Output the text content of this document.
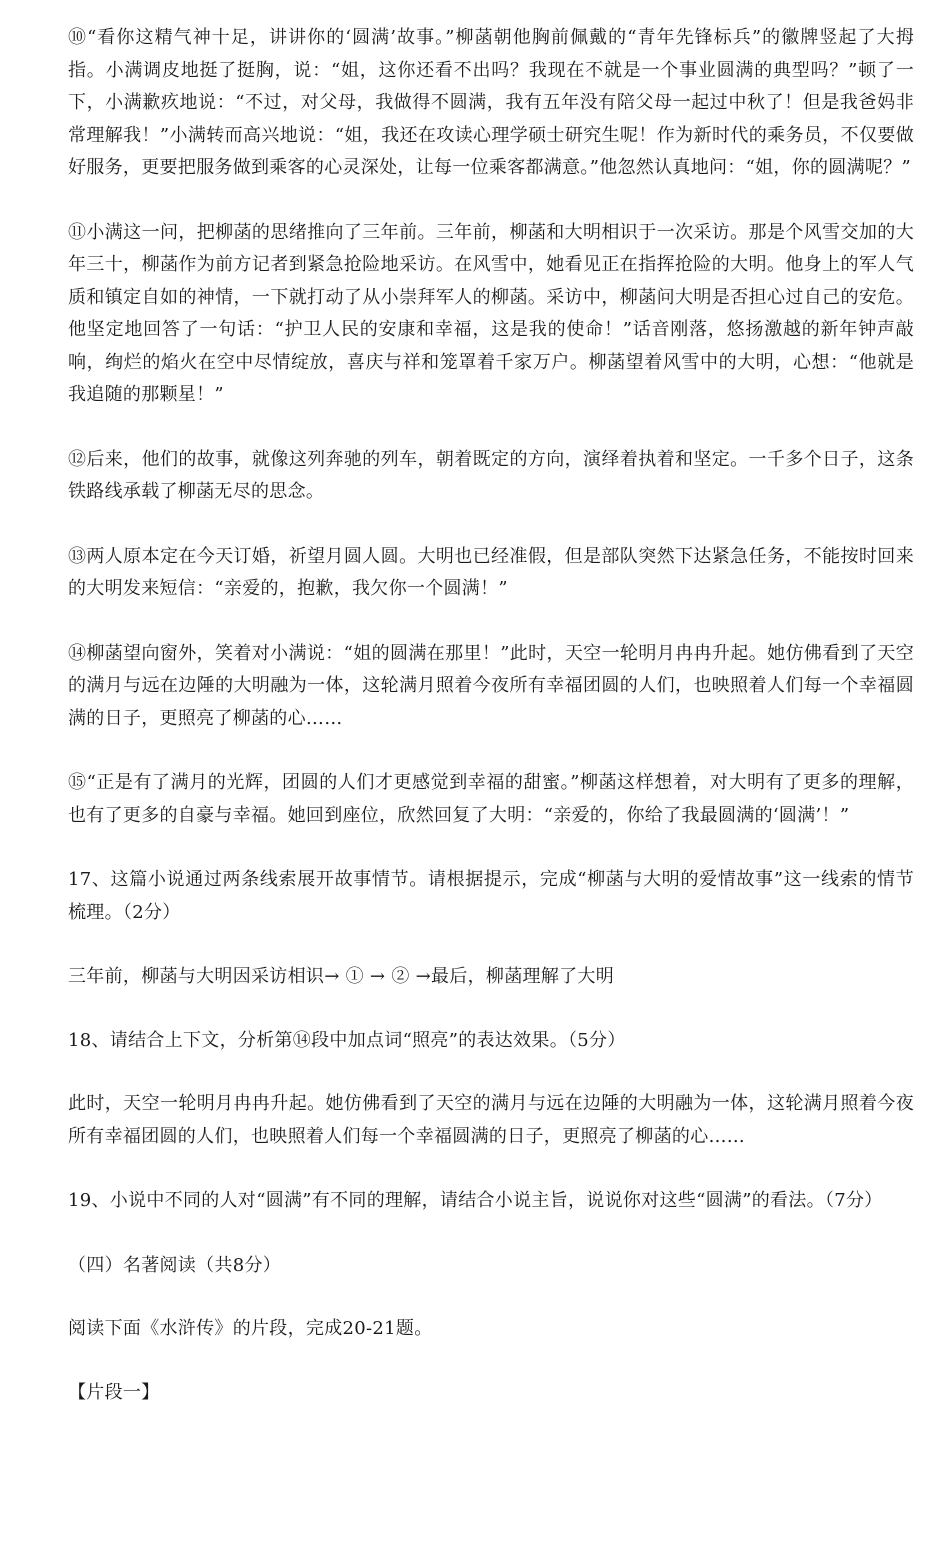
⑩“看你这精气神十足，讲讲你的‘圆满’故事。”柳菡朝他胸前佩戴的“青年先锋标兵”的徽牌竖起了大拇指。小满调皮地挺了挺胸，说：“姐，这你还看不出吗？我现在不就是一个事业圆满的典型吗？”顿了一下，小满歉疚地说：“不过，对父母，我做得不圆满，我有五年没有陪父母一起过中秋了！但是我爸妈非常理解我！”小满转而高兴地说：“姐，我还在攻读心理学硕士研究生呢！作为新时代的乘务员，不仅要做好服务，更要把服务做到乘客的心灵深处，让每一位乘客都满意。”他忽然认真地问：“姐，你的圆满呢？”

⑪小满这一问，把柳菡的思绪推向了三年前。三年前，柳菡和大明相识于一次采访。那是个风雪交加的大年三十，柳菡作为前方记者到紧急抢险地采访。在风雪中，她看见正在指挥抢险的大明。他身上的军人气质和镇定自如的神情，一下就打动了从小崇拜军人的柳菡。采访中，柳菡问大明是否担心过自己的安危。他坚定地回答了一句话：“护卫人民的安康和幸福，这是我的使命！”话音刚落，悠扬激越的新年钟声敲响，绚烂的焰火在空中尽情绽放，喜庆与祥和笼罩着千家万户。柳菡望着风雪中的大明，心想：“他就是我追随的那颗星！”

⑫后来，他们的故事，就像这列奔驰的列车，朝着既定的方向，演绎着执着和坚定。一千多个日子，这条铁路线承载了柳菡无尽的思念。

⑬两人原本定在今天订婚，祈望月圆人圆。大明也已经准假，但是部队突然下达紧急任务，不能按时回来的大明发来短信：“亲爱的，抱歉，我欠你一个圆满！”

⑭柳菡望向窗外，笑着对小满说：“姐的圆满在那里！”此时，天空一轮明月冉冉升起。她仿佛看到了天空的满月与远在边陲的大明融为一体，这轮满月照着今夜所有幸福团圆的人们，也映照着人们每一个幸福圆满的日子，更照亮了柳菡的心……

⑮“正是有了满月的光辉，团圆的人们才更感觉到幸福的甜蜜。”柳菡这样想着，对大明有了更多的理解，也有了更多的自豪与幸福。她回到座位，欣然回复了大明：“亲爱的，你给了我最圆满的‘圆满’！”

17、这篇小说通过两条线索展开故事情节。请根据提示，完成“柳菡与大明的爱情故事”这一线索的情节梳理。（2分）

三年前，柳菡与大明因采访相识→ ① → ② →最后，柳菡理解了大明

18、请结合上下文，分析第⑭段中加点词“照亮”的表达效果。（5分）

此时，天空一轮明月冉冉升起。她仿佛看到了天空的满月与远在边陲的大明融为一体，这轮满月照着今夜所有幸福团圆的人们，也映照着人们每一个幸福圆满的日子，更照亮了柳菡的心……

19、小说中不同的人对“圆满”有不同的理解，请结合小说主旨，说说你对这些“圆满”的看法。（7分）

（四）名著阅读（共8分）

阅读下面《水浒传》的片段，完成20-21题。

【片段一】
